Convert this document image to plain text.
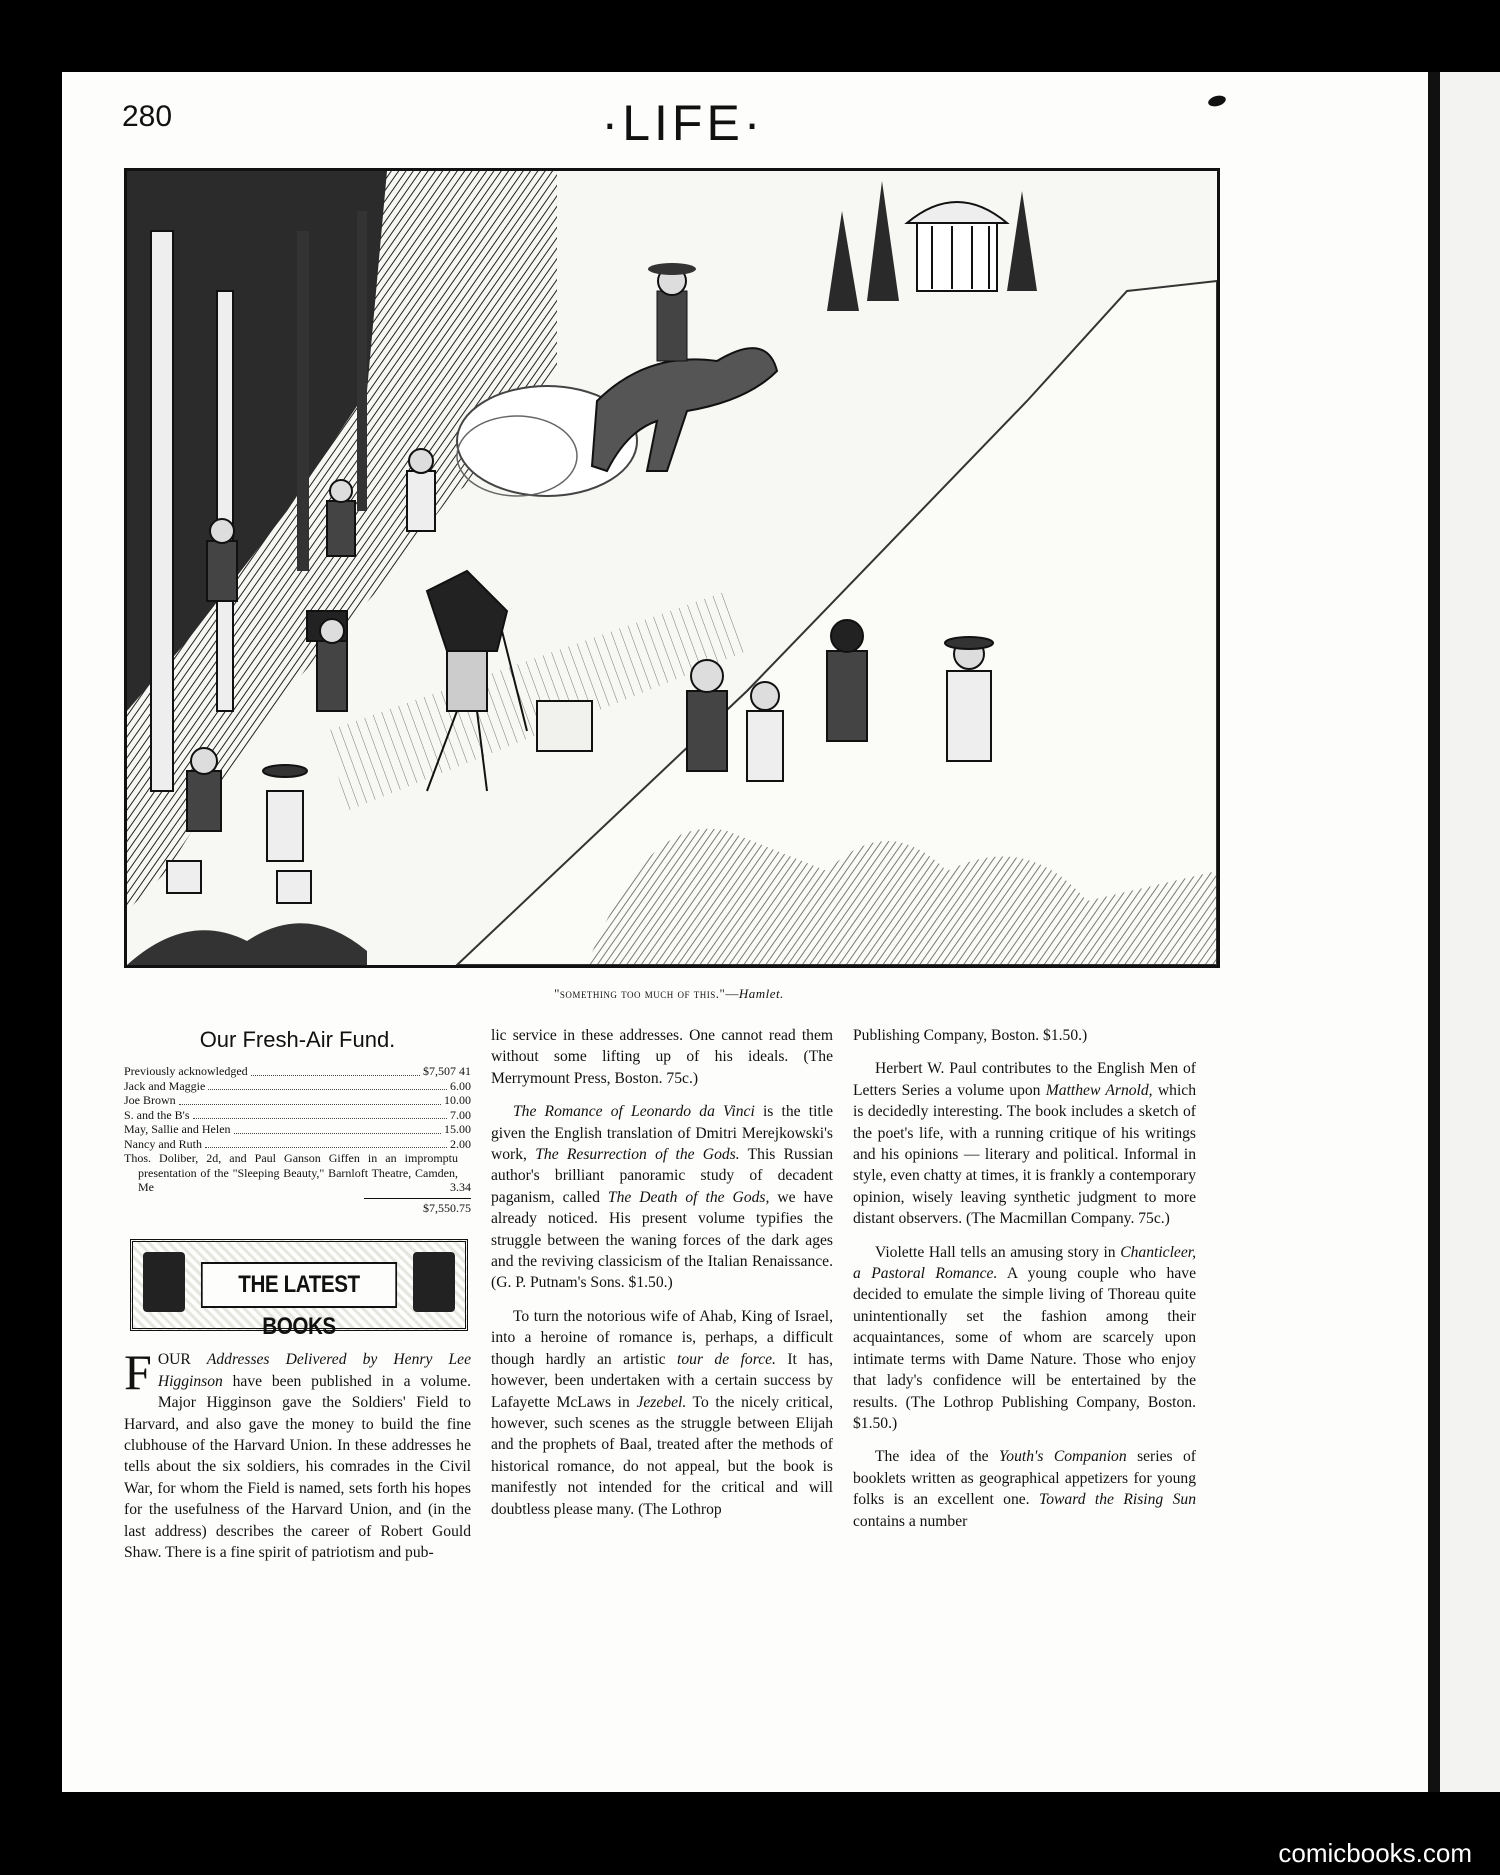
280	·LIFE·
"something too much of this."—Hamlet.
Our Fresh-Air Fund.
Previously acknowledged	$7,507 41
Jack and Maggie	6.00
Joe Brown	10.00
S. and the B's	7.00
May, Sallie and Helen	15.00
Nancy and Ruth	2.00
Thos. Doliber, 2d, and Paul Ganson Giffen in an impromptu presentation of the "Sleeping Beauty," Barnloft Theatre, Camden, Me	3.34
$7,550.75
THE LATEST BOOKS

FOUR Addresses Delivered by Henry Lee Higginson have been published in a volume. Major Higginson gave the Soldiers' Field to Harvard, and also gave the money to build the fine clubhouse of the Harvard Union. In these addresses he tells about the six soldiers, his comrades in the Civil War, for whom the Field is named, sets forth his hopes for the usefulness of the Harvard Union, and (in the last address) describes the career of Robert Gould Shaw. There is a fine spirit of patriotism and pub-

lic service in these addresses. One cannot read them without some lifting up of his ideals. (The Merrymount Press, Boston. 75c.)

The Romance of Leonardo da Vinci is the title given the English translation of Dmitri Merejkowski's work, The Resurrection of the Gods. This Russian author's brilliant panoramic study of decadent paganism, called The Death of the Gods, we have already noticed. His present volume typifies the struggle between the waning forces of the dark ages and the reviving classicism of the Italian Renaissance. (G. P. Putnam's Sons. $1.50.)

To turn the notorious wife of Ahab, King of Israel, into a heroine of romance is, perhaps, a difficult though hardly an artistic tour de force. It has, however, been undertaken with a certain success by Lafayette McLaws in Jezebel. To the nicely critical, however, such scenes as the struggle between Elijah and the prophets of Baal, treated after the methods of historical romance, do not appeal, but the book is manifestly not intended for the critical and will doubtless please many. (The Lothrop

Publishing Company, Boston. $1.50.)

Herbert W. Paul contributes to the English Men of Letters Series a volume upon Matthew Arnold, which is decidedly interesting. The book includes a sketch of the poet's life, with a running critique of his writings and his opinions — literary and political. Informal in style, even chatty at times, it is frankly a contemporary opinion, wisely leaving synthetic judgment to more distant observers. (The Macmillan Company. 75c.)

Violette Hall tells an amusing story in Chanticleer, a Pastoral Romance. A young couple who have decided to emulate the simple living of Thoreau quite unintentionally set the fashion among their acquaintances, some of whom are scarcely upon intimate terms with Dame Nature. Those who enjoy that lady's confidence will be entertained by the results. (The Lothrop Publishing Company, Boston. $1.50.)

The idea of the Youth's Companion series of booklets written as geographical appetizers for young folks is an excellent one. Toward the Rising Sun contains a number

comicbooks.com
